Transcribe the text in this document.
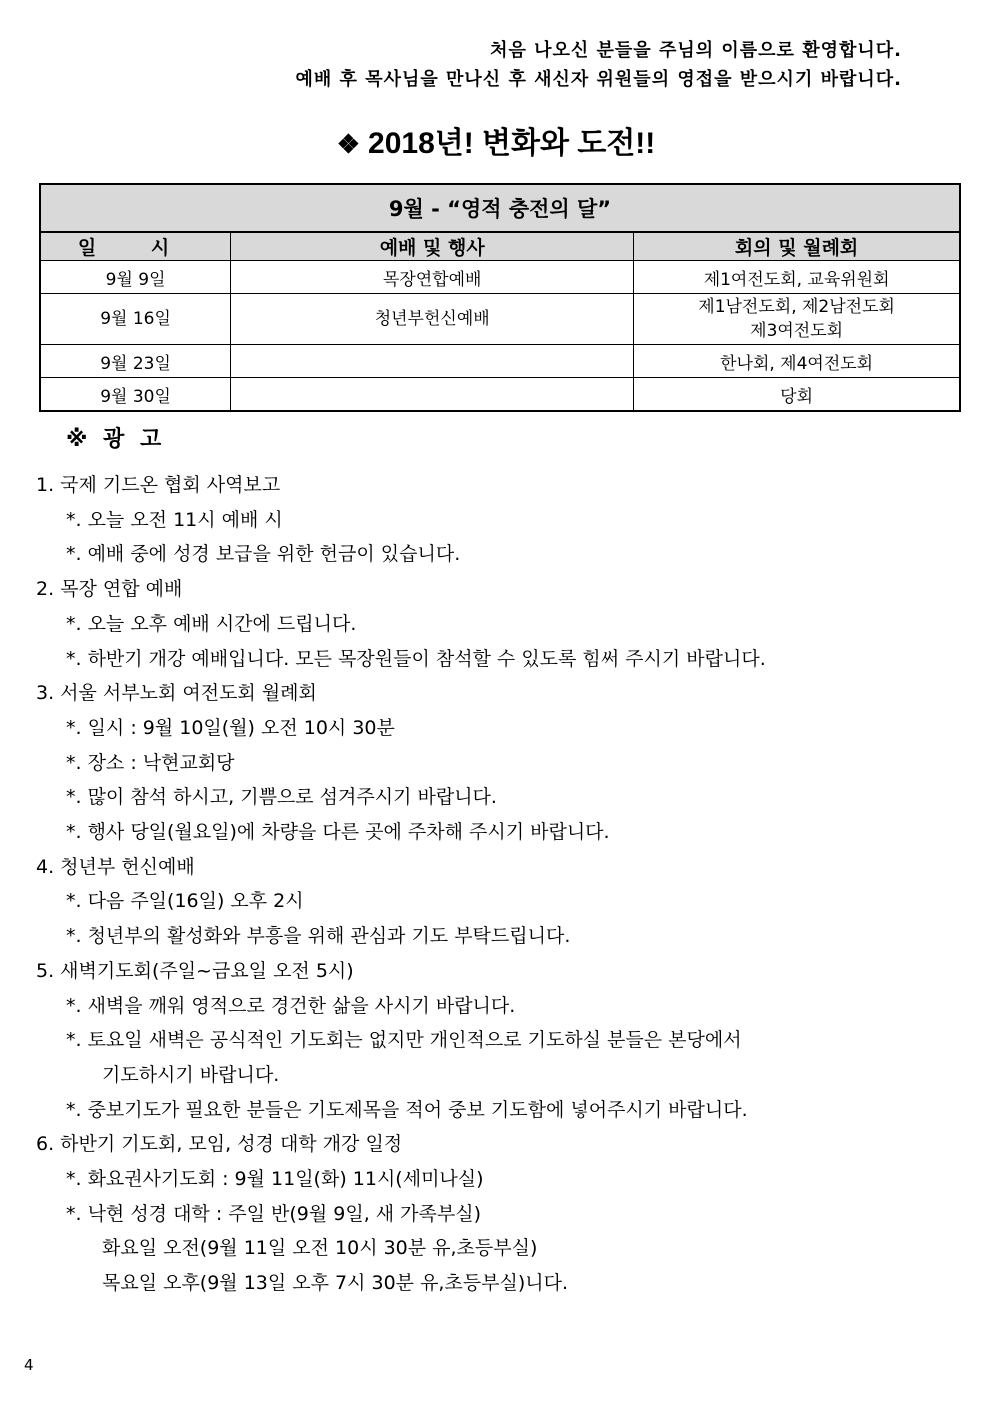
처음 나오신 분들을 주님의 이름으로 환영합니다.
예배 후 목사님을 만나신 후 새신자 위원들의 영접을 받으시기 바랍니다.
❖ 2018년! 변화와 도전!!
9월 - “영적 충전의 달”		
일 시	예배 및 행사	회의 및 월례회
9월 9일	목장연합예배	제1여전도회, 교육위원회
9월 16일	청년부헌신예배	제1남전도회, 제2남전도회
제3여전도회

9월 23일		한나회, 제4여전도회
9월 30일		당회
※ 광 고
1. 국제 기드온 협회 사역보고
*. 오늘 오전 11시 예배 시
*. 예배 중에 성경 보급을 위한 헌금이 있습니다.
2. 목장 연합 예배
*. 오늘 오후 예배 시간에 드립니다.
*. 하반기 개강 예배입니다. 모든 목장원들이 참석할 수 있도록 힘써 주시기 바랍니다.
3. 서울 서부노회 여전도회 월례회
*. 일시 : 9월 10일(월) 오전 10시 30분
*. 장소 : 낙현교회당
*. 많이 참석 하시고, 기쁨으로 섬겨주시기 바랍니다.
*. 행사 당일(월요일)에 차량을 다른 곳에 주차해 주시기 바랍니다.
4. 청년부 헌신예배
*. 다음 주일(16일) 오후 2시
*. 청년부의 활성화와 부흥을 위해 관심과 기도 부탁드립니다.
5. 새벽기도회(주일~금요일 오전 5시)
*. 새벽을 깨워 영적으로 경건한 삶을 사시기 바랍니다.
*. 토요일 새벽은 공식적인 기도회는 없지만 개인적으로 기도하실 분들은 본당에서
기도하시기 바랍니다.
*. 중보기도가 필요한 분들은 기도제목을 적어 중보 기도함에 넣어주시기 바랍니다.
6. 하반기 기도회, 모임, 성경 대학 개강 일정
*. 화요권사기도회 : 9월 11일(화) 11시(세미나실)
*. 낙현 성경 대학 : 주일 반(9월 9일, 새 가족부실)
화요일 오전(9월 11일 오전 10시 30분 유,초등부실)
목요일 오후(9월 13일 오후 7시 30분 유,초등부실)니다.
4
